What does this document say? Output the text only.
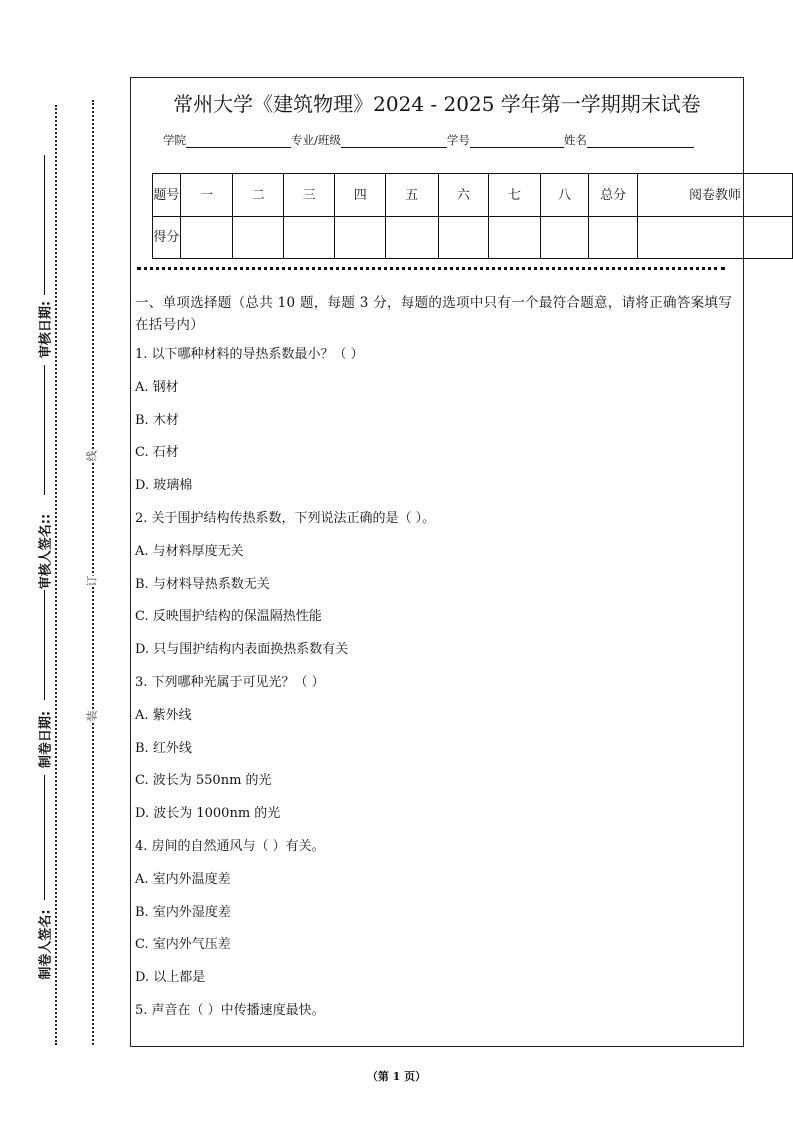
审核日期:
审核人签名::
制卷日期:
制卷人签名:
线
订
装
常州大学《建筑物理》2024 - 2025 学年第一学期期末试卷
学院	专业/班级	学号	姓名
题号	一	二	三	四	五	六	七	八	总分	阅卷教师
得分										
一、单项选择题（总共 10 题，每题 3 分，每题的选项中只有一个最符合题意，请将正确答案填写在括号内）
1. 以下哪种材料的导热系数最小？（ ）
A. 钢材
B. 木材
C. 石材
D. 玻璃棉
2. 关于围护结构传热系数，下列说法正确的是（ ）。
A. 与材料厚度无关
B. 与材料导热系数无关
C. 反映围护结构的保温隔热性能
D. 只与围护结构内表面换热系数有关
3. 下列哪种光属于可见光？（ ）
A. 紫外线
B. 红外线
C. 波长为 550nm 的光
D. 波长为 1000nm 的光
4. 房间的自然通风与（ ）有关。
A. 室内外温度差
B. 室内外湿度差
C. 室内外气压差
D. 以上都是
5. 声音在（ ）中传播速度最快。
（第 1 页）
